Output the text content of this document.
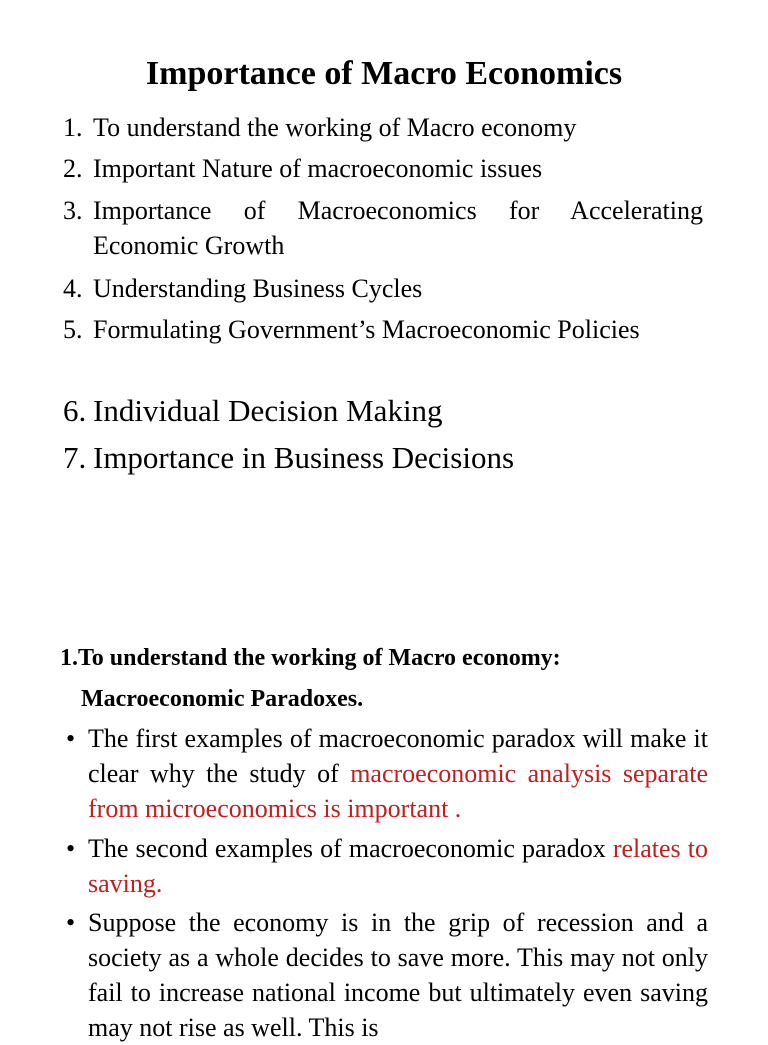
Importance of Macro Economics
1. To understand the working of Macro economy
2. Important Nature of macroeconomic issues
3. Importance of Macroeconomics for Accelerating Economic Growth
4. Understanding Business Cycles
5. Formulating Government’s Macroeconomic Policies
6. Individual Decision Making
7. Importance in Business Decisions
1.To understand the working of Macro economy:
Macroeconomic Paradoxes.
• The first examples of macroeconomic paradox will make it clear why the study of macroeconomic analysis separate from microeconomics is important .
• The second examples of macroeconomic paradox relates to saving.
• Suppose the economy is in the grip of recession and a society as a whole decides to save more. This may not only fail to increase national income but ultimately even saving may not rise as well. This is
